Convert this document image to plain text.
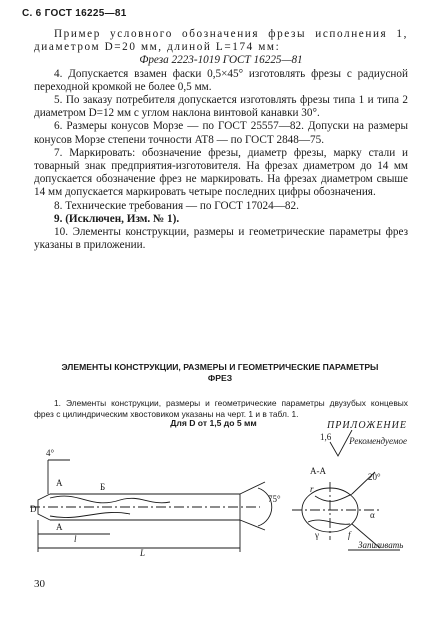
С. 6 ГОСТ 16225—81

Пример условного обозначения фрезы исполнения 1, диаметром D=20 мм, длиной L=174 мм:

Фреза 2223-1019 ГОСТ 16225—81

4. Допускается взамен фаски 0,5×45° изготовлять фрезы с радиусной переходной кромкой не более 0,5 мм.

5. По заказу потребителя допускается изготовлять фрезы типа 1 и типа 2 диаметром D=12 мм с углом наклона винтовой канавки 30°.

6. Размеры конусов Морзе — по ГОСТ 25557—82. Допуски на размеры конусов Морзе степени точности AT8 — по ГОСТ 2848—75.

7. Маркировать: обозначение фрезы, диаметр фрезы, марку стали и товарный знак предприятия-изготовителя. На фрезах диаметром до 14 мм допускается обозначение фрез не маркировать. На фрезах диаметром свыше 14 мм допускается маркировать четыре последних цифры обозначения.

8. Технические требования — по ГОСТ 17024—82.

9. (Исключен, Изм. № 1).

10. Элементы конструкции, размеры и геометрические параметры фрез указаны в приложении.

ПРИЛОЖЕНИЕ
Рекомендуемое
ЭЛЕМЕНТЫ КОНСТРУКЦИИ, РАЗМЕРЫ И ГЕОМЕТРИЧЕСКИЕ ПАРАМЕТРЫ ФРЕЗ
1. Элементы конструкции, размеры и геометрические параметры двузубых концевых фрез с цилиндрическим хвостовиком указаны на черт. 1 и в табл. 1.
Для D от 1,5 до 5 мм
1,6
А-А
20°
75°
4°
Запиливать
A	Б
D
A
l
L
r
γ
α
f
30
